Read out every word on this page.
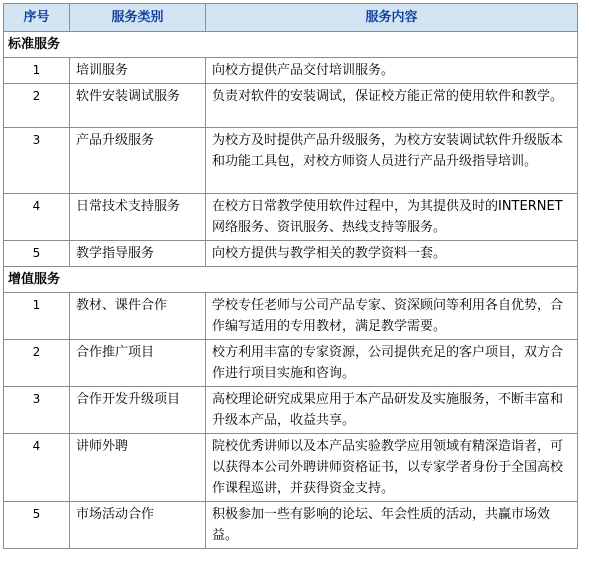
序号	服务类别	服务内容
标准服务		
1	培训服务	向校方提供产品交付培训服务。
2	软件安装调试服务	负责对软件的安装调试，保证校方能正常的使用软件和教学。
3	产品升级服务	为校方及时提供产品升级服务，为校方安装调试软件升级版本和功能工具包，对校方师资人员进行产品升级指导培训。
4	日常技术支持服务	在校方日常教学使用软件过程中，为其提供及时的INTERNET网络服务、资讯服务、热线支持等服务。
5	教学指导服务	向校方提供与教学相关的教学资料一套。
增值服务		
1	教材、课件合作	学校专任老师与公司产品专家、资深顾问等利用各自优势，合作编写适用的专用教材，满足教学需要。
2	合作推广项目	校方利用丰富的专家资源，公司提供充足的客户项目，双方合作进行项目实施和咨询。
3	合作开发升级项目	高校理论研究成果应用于本产品研发及实施服务，不断丰富和升级本产品，收益共享。
4	讲师外聘	院校优秀讲师以及本产品实验教学应用领域有精深造诣者，可以获得本公司外聘讲师资格证书，以专家学者身份于全国高校作课程巡讲，并获得资金支持。
5	市场活动合作	积极参加一些有影响的论坛、年会性质的活动，共赢市场效益。
